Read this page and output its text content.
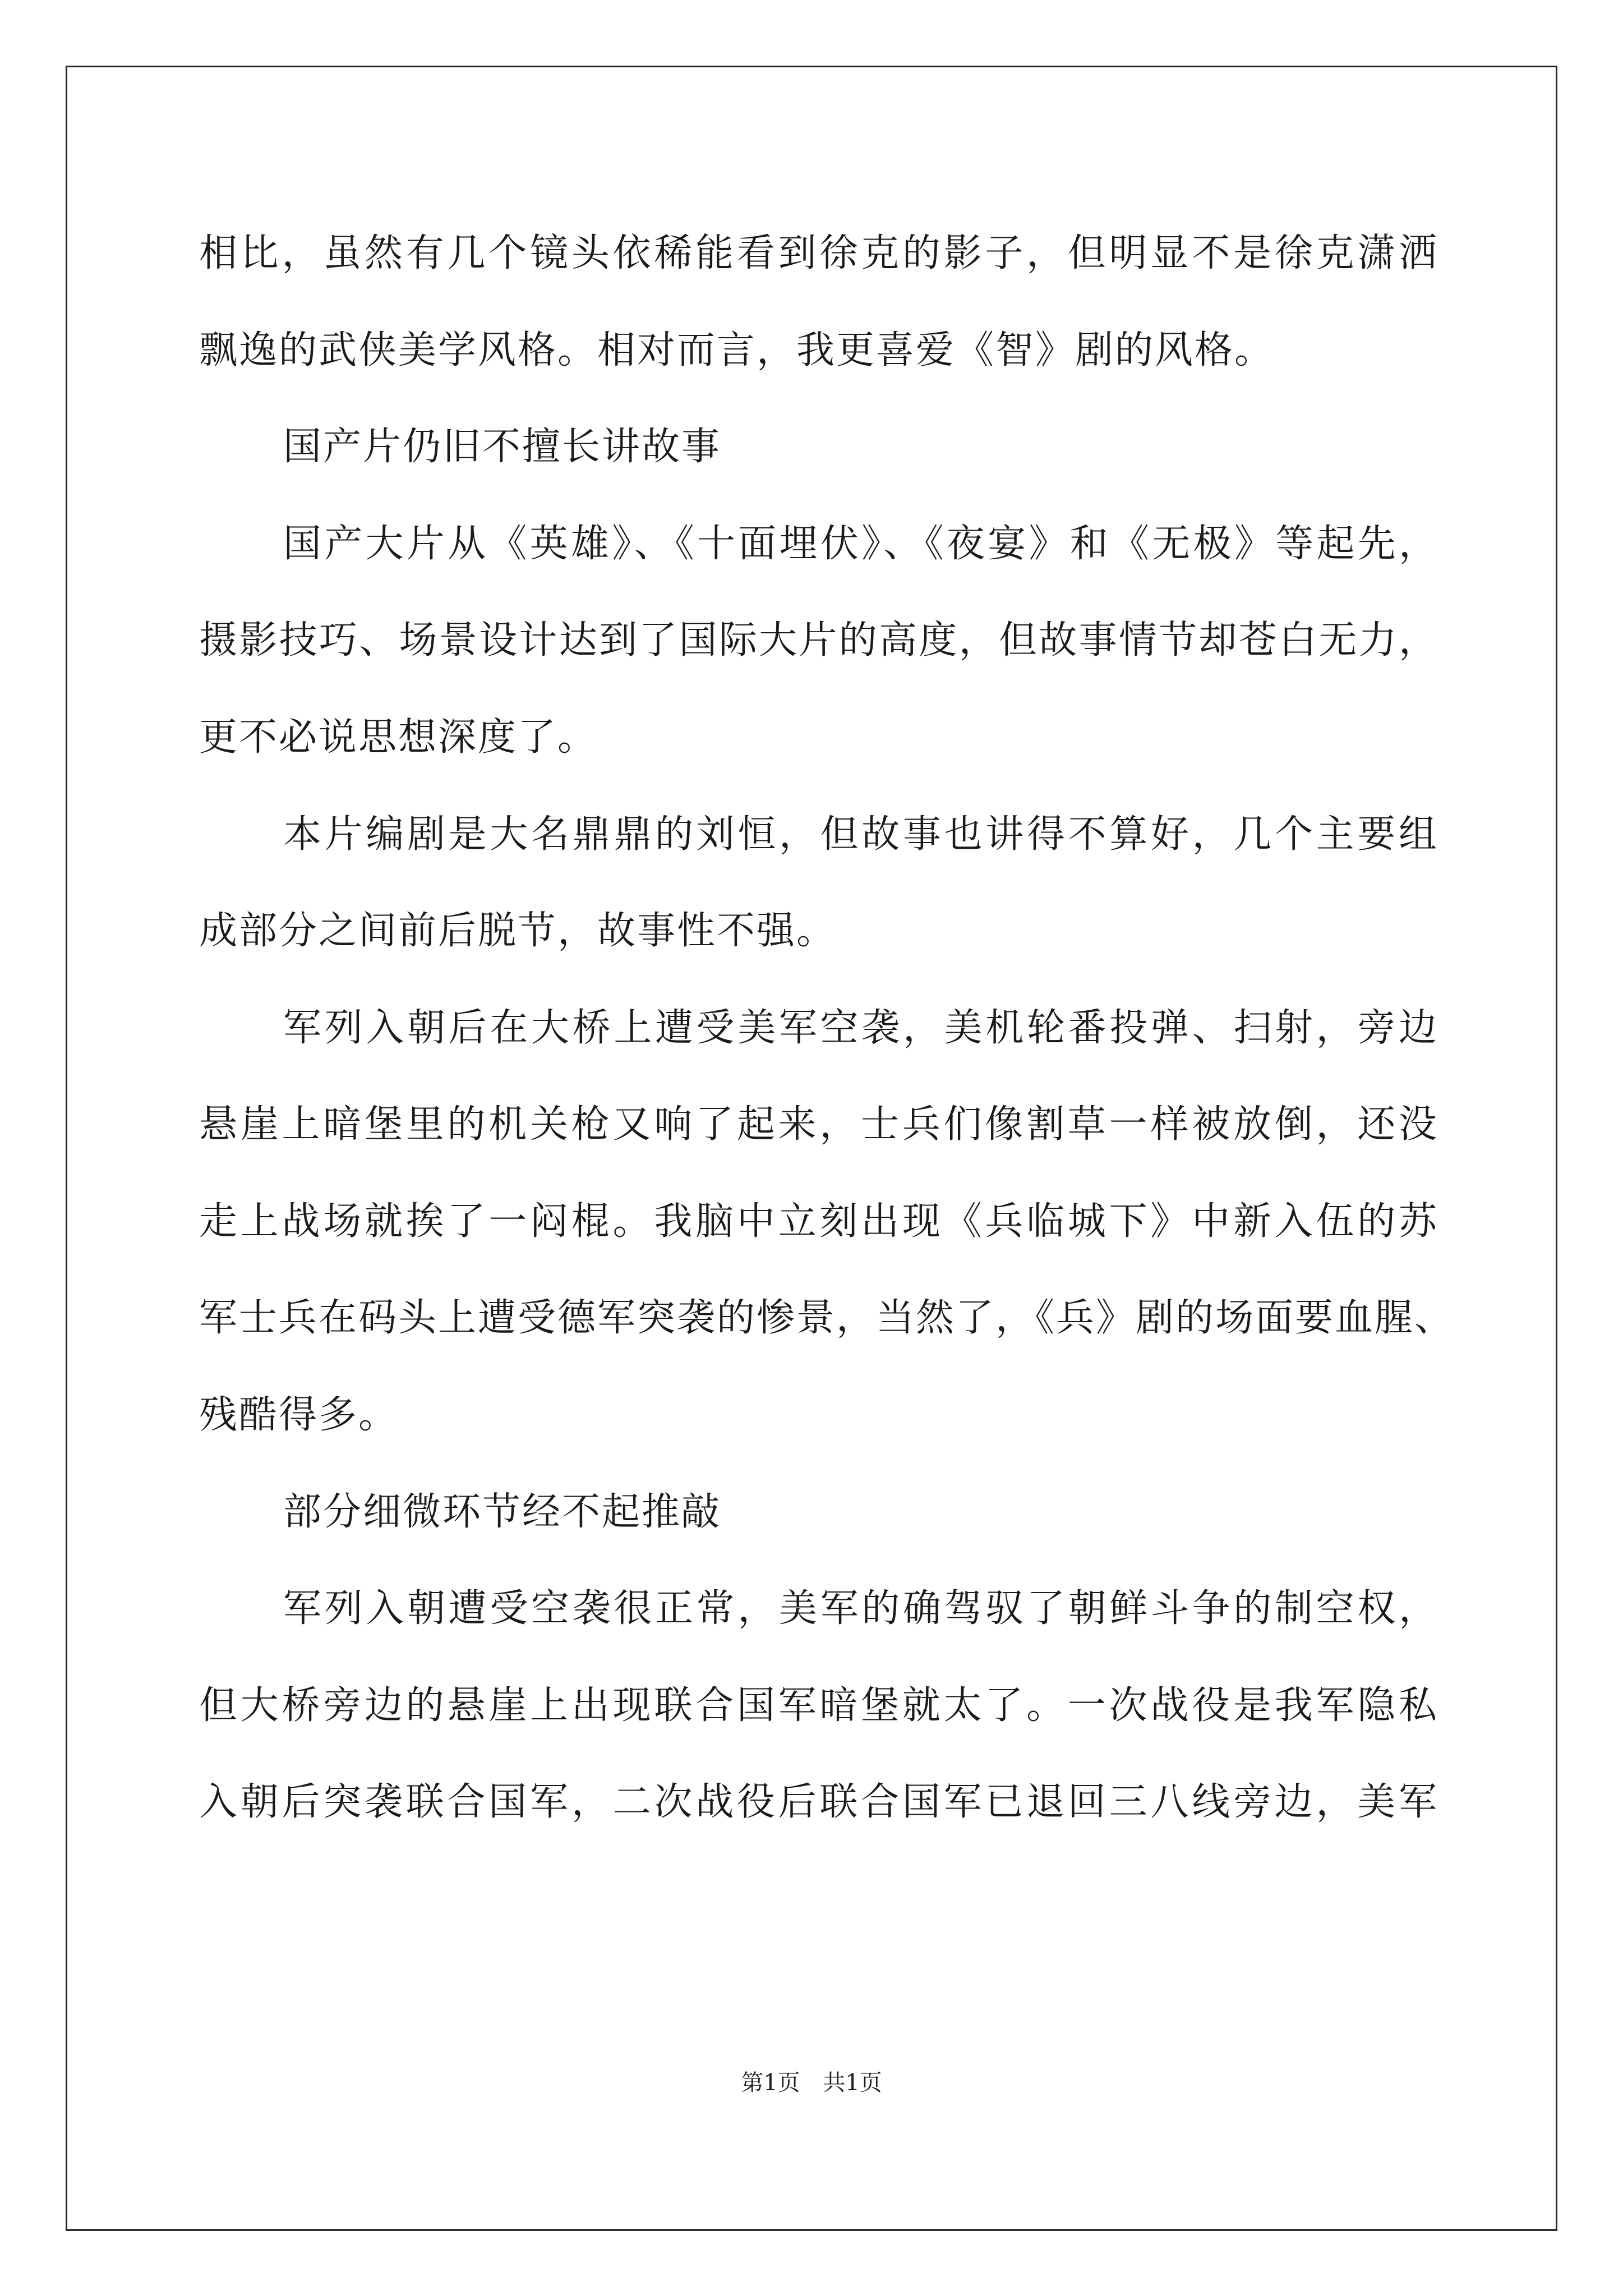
相比，虽然有几个镜头依稀能看到徐克的影子，但明显不是徐克潇洒
飘逸的武侠美学风格。相对而言，我更喜爱《智》剧的风格。
国产片仍旧不擅长讲故事
国产大片从《英雄》、《十面埋伏》、《夜宴》和《无极》等起先，
摄影技巧、场景设计达到了国际大片的高度，但故事情节却苍白无力，
更不必说思想深度了。
本片编剧是大名鼎鼎的刘恒，但故事也讲得不算好，几个主要组
成部分之间前后脱节，故事性不强。
军列入朝后在大桥上遭受美军空袭，美机轮番投弹、扫射，旁边
悬崖上暗堡里的机关枪又响了起来，士兵们像割草一样被放倒，还没
走上战场就挨了一闷棍。我脑中立刻出现《兵临城下》中新入伍的苏
军士兵在码头上遭受德军突袭的惨景，当然了，《兵》剧的场面要血腥、
残酷得多。
部分细微环节经不起推敲
军列入朝遭受空袭很正常，美军的确驾驭了朝鲜斗争的制空权，
但大桥旁边的悬崖上出现联合国军暗堡就太了。一次战役是我军隐私
入朝后突袭联合国军，二次战役后联合国军已退回三八线旁边，美军
第1页 共1页
